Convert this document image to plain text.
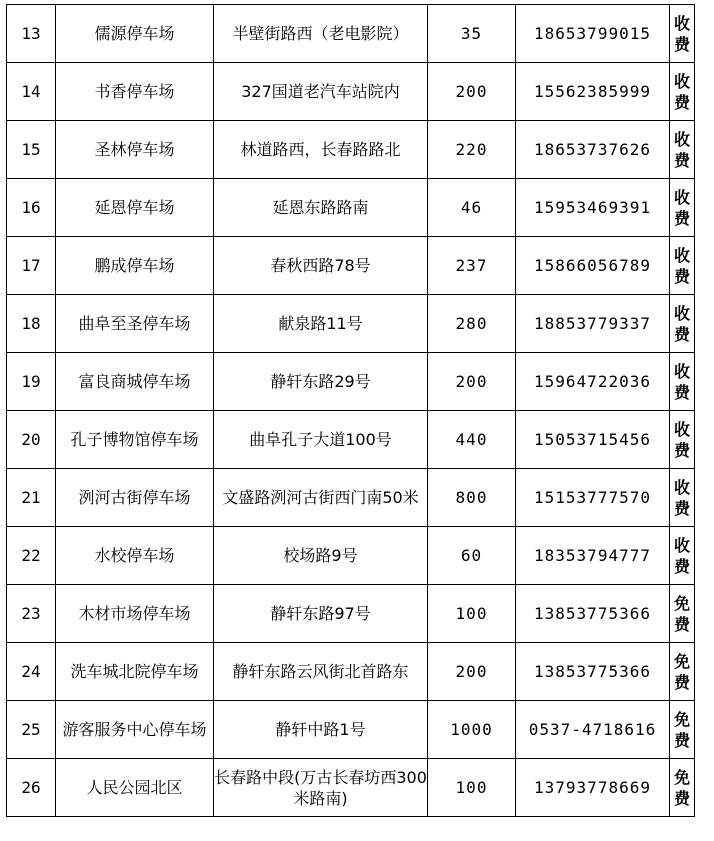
13	儒源停车场	半壁街路西（老电影院）	35	18653799015	收
费

14	书香停车场	327国道老汽车站院内	200	15562385999	收
费

15	圣林停车场	林道路西，长春路路北	220	18653737626	收
费

16	延恩停车场	延恩东路路南	46	15953469391	收
费

17	鹏成停车场	春秋西路78号	237	15866056789	收
费

18	曲阜至圣停车场	献泉路11号	280	18853779337	收
费

19	富良商城停车场	静轩东路29号	200	15964722036	收
费

20	孔子博物馆停车场	曲阜孔子大道100号	440	15053715456	收
费

21	洌河古街停车场	文盛路洌河古街西门南50米	800	15153777570	收
费

22	水校停车场	校场路9号	60	18353794777	收
费

23	木材市场停车场	静轩东路97号	100	13853775366	免
费

24	洗车城北院停车场	静轩东路云风街北首路东	200	13853775366	免
费

25	游客服务中心停车场	静轩中路1号	1000	0537-4718616	免
费

26	人民公园北区	长春路中段(万古长春坊西300米路南)	100	13793778669	免
费
